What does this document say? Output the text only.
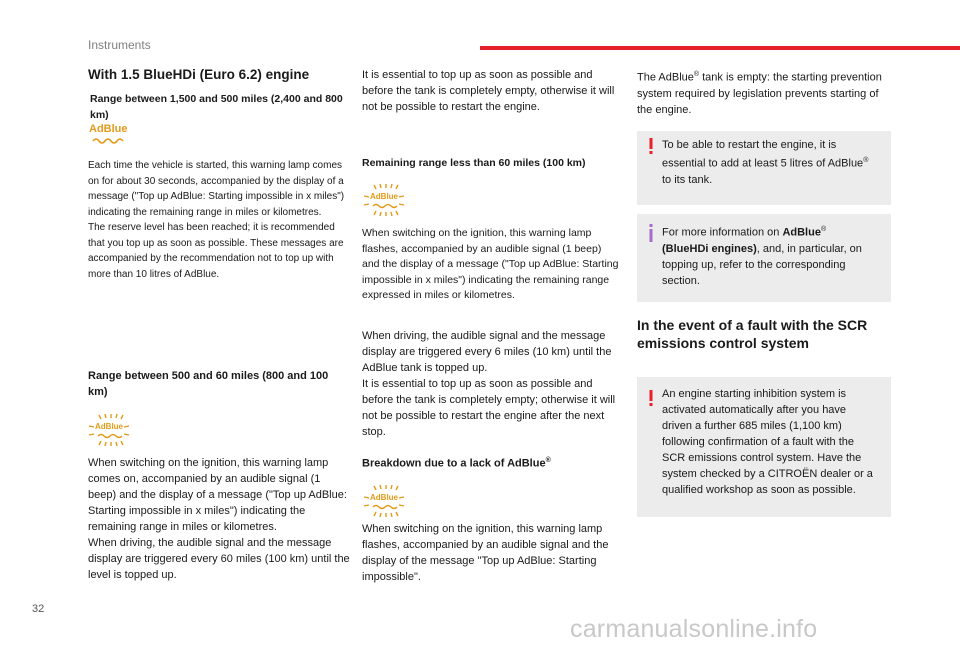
Instruments
With 1.5 BlueHDi (Euro 6.2) engine
Range between 1,500 and 500 miles (2,400 and 800 km)
AdBlue

Each time the vehicle is started, this warning lamp comes on for about 30 seconds, accompanied by the display of a message ("Top up AdBlue: Starting impossible in x miles") indicating the remaining range in miles or kilometres.

The reserve level has been reached; it is recommended that you top up as soon as possible. These messages are accompanied by the recommendation not to top up with more than 10 litres of AdBlue.

Range between 500 and 60 miles (800 and 100 km)
AdBlue

When switching on the ignition, this warning lamp comes on, accompanied by an audible signal (1 beep) and the display of a message ("Top up AdBlue: Starting impossible in x miles") indicating the remaining range in miles or kilometres.

When driving, the audible signal and the message display are triggered every 60 miles (100 km) until the level is topped up.

It is essential to top up as soon as possible and before the tank is completely empty, otherwise it will not be possible to restart the engine.

Remaining range less than 60 miles (100 km)
AdBlue

When switching on the ignition, this warning lamp flashes, accompanied by an audible signal (1 beep) and the display of a message ("Top up AdBlue: Starting impossible in x miles") indicating the remaining range expressed in miles or kilometres.

When driving, the audible signal and the message display are triggered every 6 miles (10 km) until the AdBlue tank is topped up.

It is essential to top up as soon as possible and before the tank is completely empty; otherwise it will not be possible to restart the engine after the next stop.

Breakdown due to a lack of AdBlue®
AdBlue

When switching on the ignition, this warning lamp flashes, accompanied by an audible signal and the display of the message "Top up AdBlue: Starting impossible".

The AdBlue® tank is empty: the starting prevention system required by legislation prevents starting of the engine.

To be able to restart the engine, it is essential to add at least 5 litres of AdBlue® to its tank.

For more information on AdBlue®
(BlueHDi engines), and, in particular, on topping up, refer to the corresponding section.

In the event of a fault with the SCR emissions control system

An engine starting inhibition system is activated automatically after you have driven a further 685 miles (1,100 km) following confirmation of a fault with the SCR emissions control system. Have the system checked by a CITROËN dealer or a qualified workshop as soon as possible.

32
carmanualsonline.info
